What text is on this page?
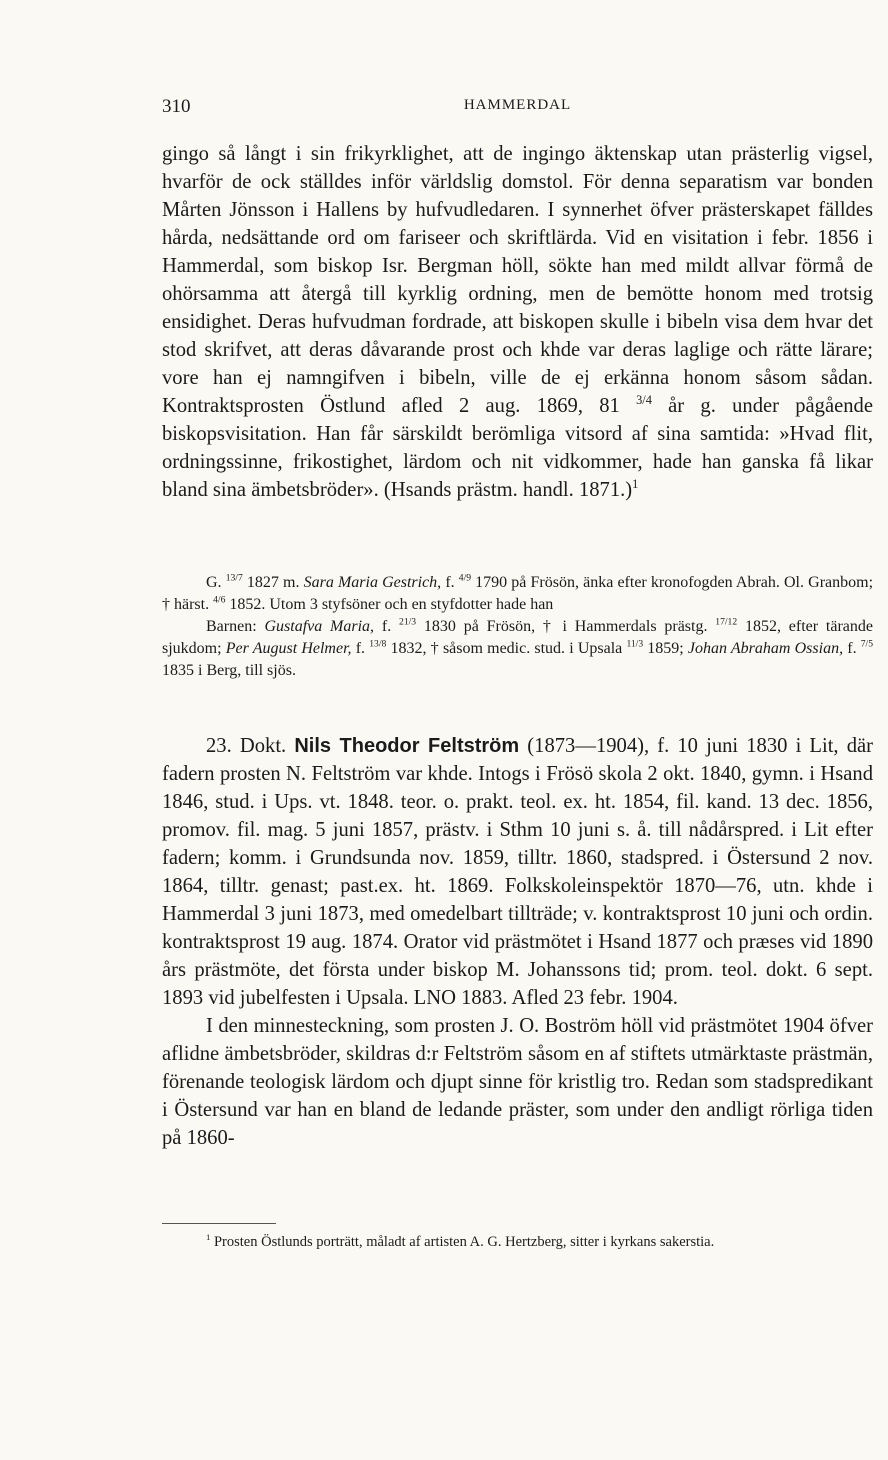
310	HAMMERDAL

gingo så långt i sin frikyrklighet, att de ingingo äktenskap utan prästerlig vigsel, hvarför de ock ställdes inför världslig domstol. För denna separatism var bonden Mårten Jönsson i Hallens by hufvudledaren. I synnerhet öfver prästerskapet fälldes hårda, nedsättande ord om fariseer och skriftlärda. Vid en visitation i febr. 1856 i Hammerdal, som biskop Isr. Bergman höll, sökte han med mildt allvar förmå de ohörsamma att återgå till kyrklig ordning, men de bemötte honom med trotsig ensidighet. Deras hufvudman fordrade, att biskopen skulle i bibeln visa dem hvar det stod skrifvet, att deras dåvarande prost och khde var deras laglige och rätte lärare; vore han ej namngifven i bibeln, ville de ej erkänna honom såsom sådan. Kontraktsprosten Östlund afled 2 aug. 1869, 81 $^{3/4}$ år g. under pågående biskopsvisitation. Han får särskildt berömliga vitsord af sina samtida: »Hvad flit, ordningssinne, frikostighet, lärdom och nit vidkommer, hade han ganska få likar bland sina ämbetsbröder». (Hsands prästm. handl. 1871.)$^1$

G. $^{13/7}$ 1827 m. Sara Maria Gestrich, f. $^{4/9}$ 1790 på Frösön, änka efter kronofogden Abrah. Ol. Granbom; † härst. $^{4/6}$ 1852. Utom 3 styfsöner och en styfdotter hade han

Barnen: Gustafva Maria, f. $^{21/3}$ 1830 på Frösön, † i Hammerdals prästg. $^{17/12}$ 1852, efter tärande sjukdom; Per August Helmer, f. $^{13/8}$ 1832, † såsom medic. stud. i Upsala $^{11/3}$ 1859; Johan Abraham Ossian, f. $^{7/5}$ 1835 i Berg, till sjös.

23. Dokt. Nils Theodor Feltström (1873—1904), f. 10 juni 1830 i Lit, där fadern prosten N. Feltström var khde. Intogs i Frösö skola 2 okt. 1840, gymn. i Hsand 1846, stud. i Ups. vt. 1848. teor. o. prakt. teol. ex. ht. 1854, fil. kand. 13 dec. 1856, promov. fil. mag. 5 juni 1857, prästv. i Sthm 10 juni s. å. till nådårspred. i Lit efter fadern; komm. i Grundsunda nov. 1859, tilltr. 1860, stadspred. i Östersund 2 nov. 1864, tilltr. genast; past.ex. ht. 1869. Folkskoleinspektör 1870—76, utn. khde i Hammerdal 3 juni 1873, med omedelbart tillträde; v. kontraktsprost 10 juni och ordin. kontraktsprost 19 aug. 1874. Orator vid prästmötet i Hsand 1877 och præses vid 1890 års prästmöte, det första under biskop M. Johanssons tid; prom. teol. dokt. 6 sept. 1893 vid jubelfesten i Upsala. LNO 1883. Afled 23 febr. 1904.

I den minnesteckning, som prosten J. O. Boström höll vid prästmötet 1904 öfver aflidne ämbetsbröder, skildras d:r Feltström såsom en af stiftets utmärktaste prästmän, förenande teologisk lärdom och djupt sinne för kristlig tro. Redan som stadspredikant i Östersund var han en bland de ledande präster, som under den andligt rörliga tiden på 1860-

$^1$ Prosten Östlunds porträtt, måladt af artisten A. G. Hertzberg, sitter i kyrkans sakerstia.
